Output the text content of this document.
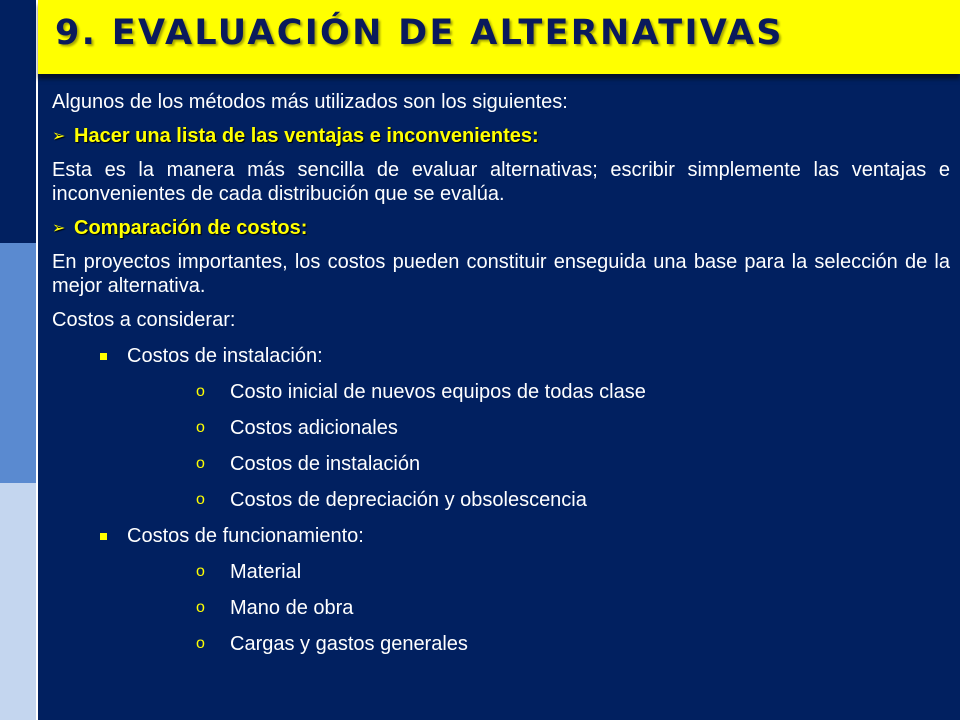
9. EVALUACIÓN DE ALTERNATIVAS

Algunos de los métodos más utilizados son los siguientes:

➢ Hacer una lista de las ventajas e inconvenientes:

Esta es la manera más sencilla de evaluar alternativas; escribir simplemente las ventajas e inconvenientes de cada distribución que se evalúa.

➢ Comparación de costos:

En proyectos importantes, los costos pueden constituir enseguida una base para la selección de la mejor alternativa.

Costos a considerar:

Costos de instalación:
o	Costo inicial de nuevos equipos de todas clase
o	Costos adicionales
o	Costos de instalación
o	Costos de depreciación y obsolescencia
Costos de funcionamiento:
o	Material
o	Mano de obra
o	Cargas y gastos generales
